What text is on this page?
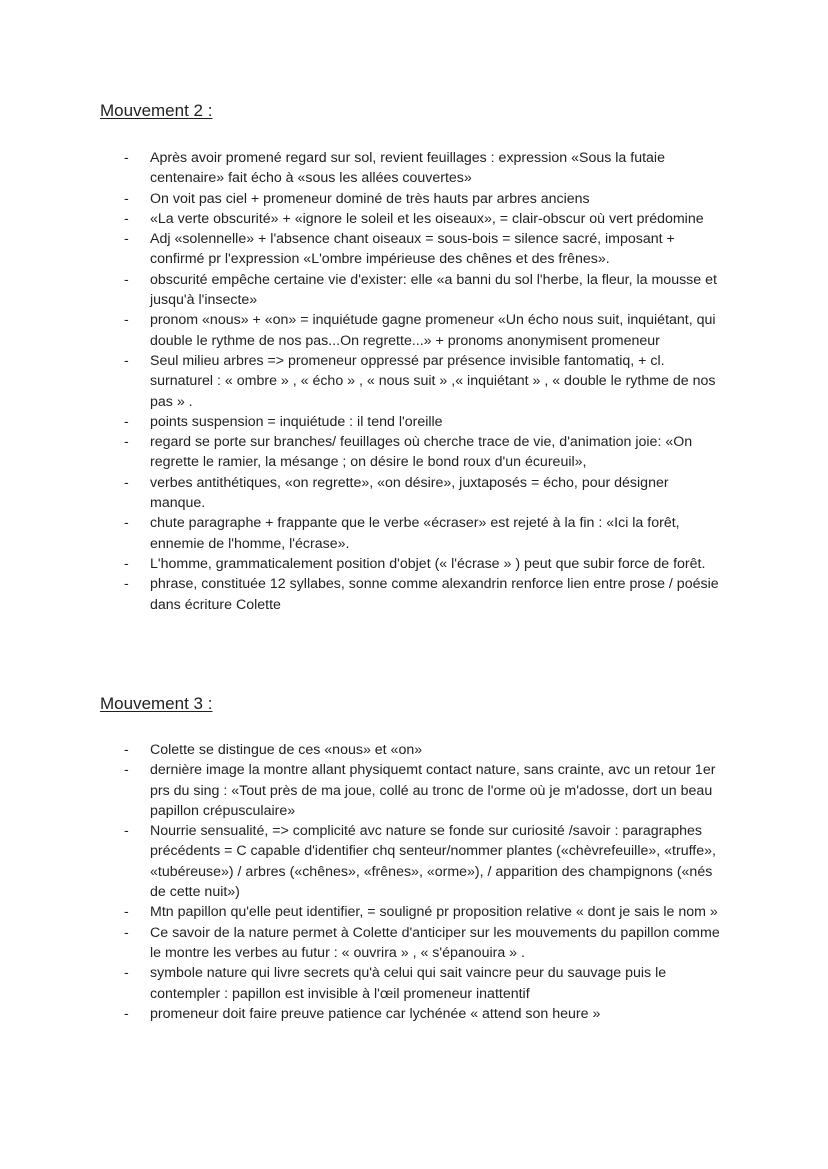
Mouvement 2 :
-	Après avoir promené regard sur sol, revient feuillages : expression «Sous la futaie centenaire» fait écho à «sous les allées couvertes»
-	On voit pas ciel + promeneur dominé de très hauts par arbres anciens
-	«La verte obscurité» + «ignore le soleil et les oiseaux», = clair-obscur où vert prédomine
-	Adj «solennelle» + l'absence chant oiseaux = sous-bois = silence sacré, imposant + confirmé pr l'expression «L'ombre impérieuse des chênes et des frênes».
-	obscurité empêche certaine vie d'exister: elle «a banni du sol l'herbe, la fleur, la mousse et jusqu'à l'insecte»
-	pronom «nous» + «on» = inquiétude gagne promeneur «Un écho nous suit, inquiétant, qui double le rythme de nos pas...On regrette...» + pronoms anonymisent promeneur
-	Seul milieu arbres => promeneur oppressé par présence invisible fantomatiq, + cl. surnaturel : « ombre » , « écho » , « nous suit » ,« inquiétant » , « double le rythme de nos pas » .
-	points suspension = inquiétude : il tend l'oreille
-	regard se porte sur branches/ feuillages où cherche trace de vie, d'animation joie: «On regrette le ramier, la mésange ; on désire le bond roux d'un écureuil»,
-	verbes antithétiques, «on regrette», «on désire», juxtaposés = écho, pour désigner manque.
-	chute paragraphe + frappante que le verbe «écraser» est rejeté à la fin : «Ici la forêt, ennemie de l'homme, l'écrase».
-	L'homme, grammaticalement position d'objet (« l'écrase » ) peut que subir force de forêt.
-	phrase, constituée 12 syllabes, sonne comme alexandrin renforce lien entre prose / poésie dans écriture Colette
Mouvement 3 :
-	Colette se distingue de ces «nous» et «on»
-	dernière image la montre allant physiquemt contact nature, sans crainte, avc un retour 1er prs du sing : «Tout près de ma joue, collé au tronc de l'orme où je m'adosse, dort un beau papillon crépusculaire»
-	Nourrie sensualité, => complicité avc nature se fonde sur curiosité /savoir : paragraphes précédents = C capable d'identifier chq senteur/nommer plantes («chèvrefeuille», «truffe», «tubéreuse») / arbres («chênes», «frênes», «orme»), / apparition des champignons («nés de cette nuit»)
-	Mtn papillon qu'elle peut identifier, = souligné pr proposition relative « dont je sais le nom »
-	Ce savoir de la nature permet à Colette d'anticiper sur les mouvements du papillon comme le montre les verbes au futur : « ouvrira » , « s'épanouira » .
-	symbole nature qui livre secrets qu'à celui qui sait vaincre peur du sauvage puis le contempler : papillon est invisible à l'œil promeneur inattentif
-	promeneur doit faire preuve patience car lychénée « attend son heure »
